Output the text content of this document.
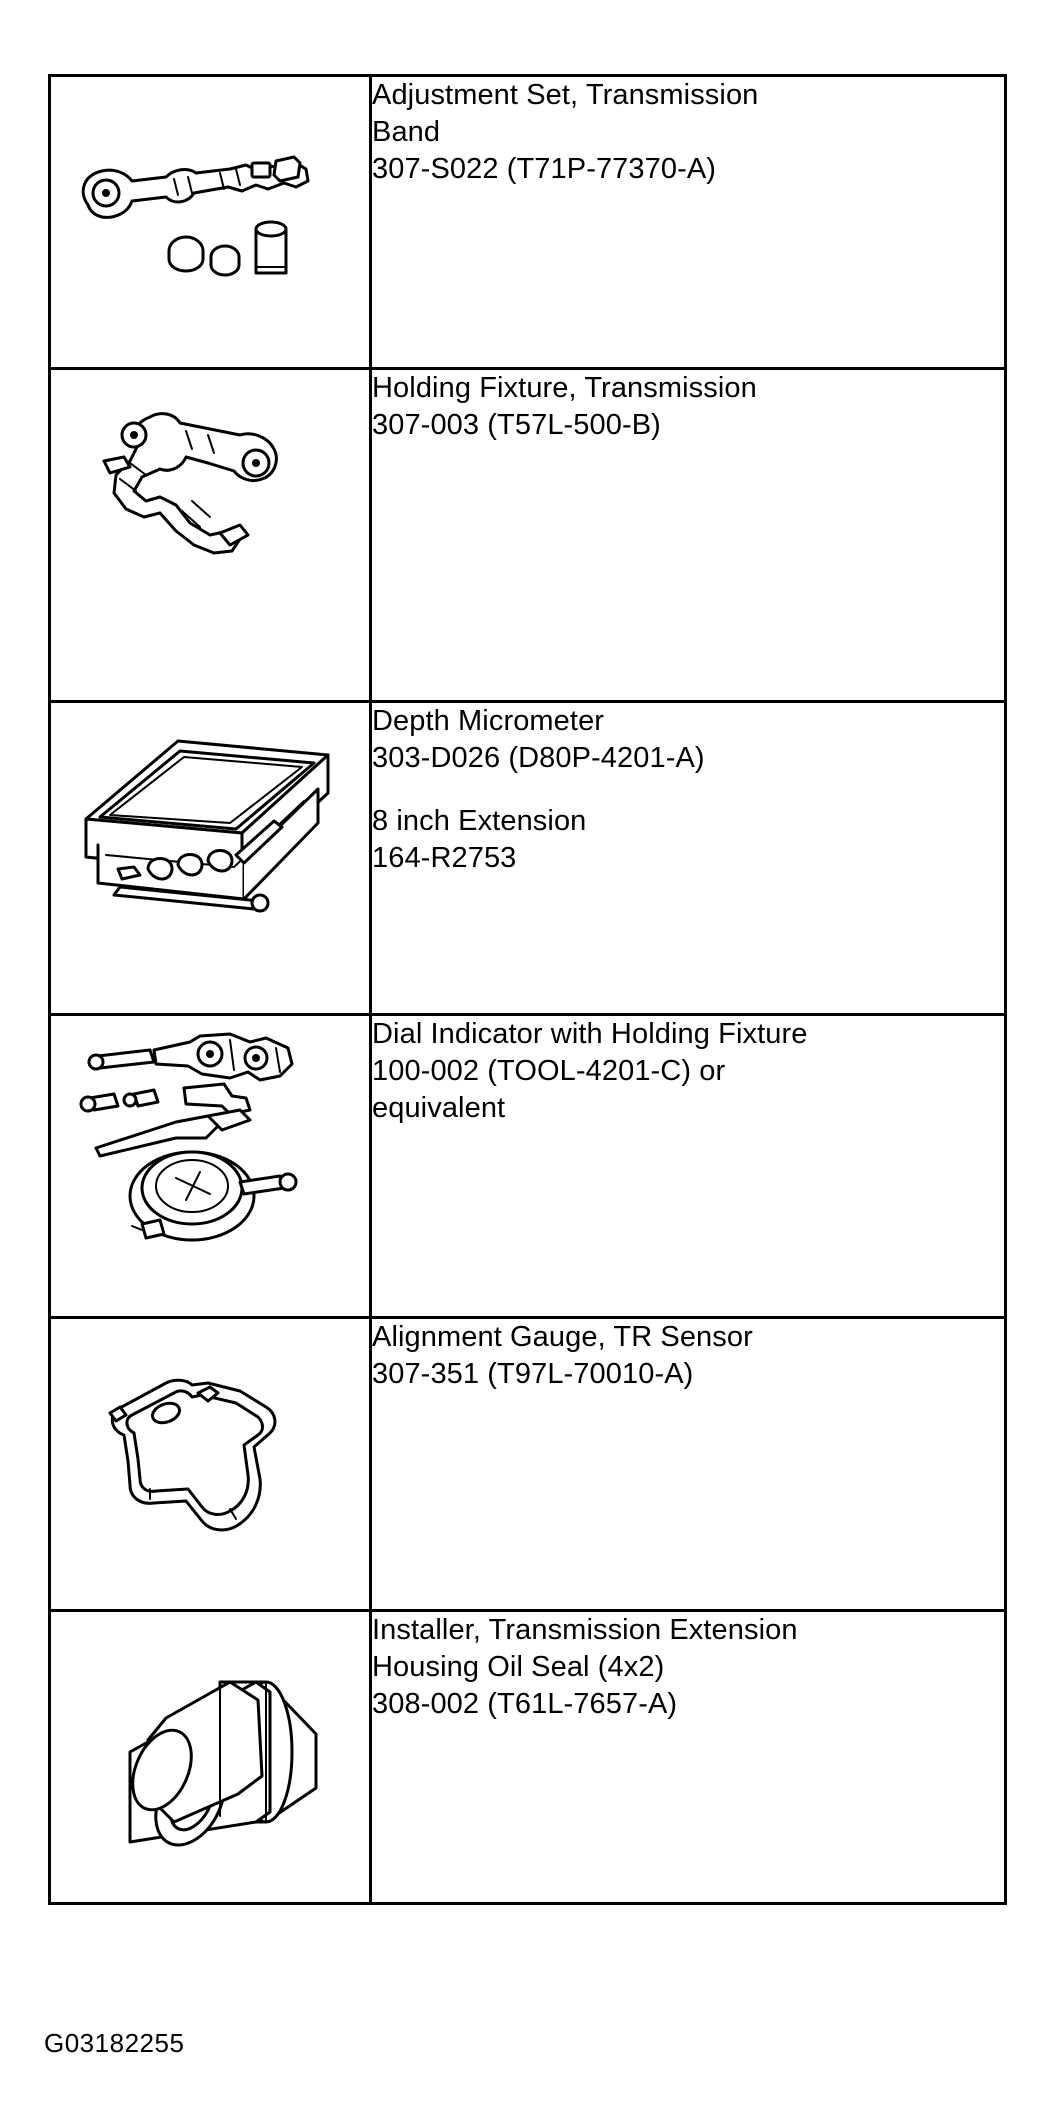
Adjustment Set, Transmission
Band
307-S022 (T71P-77370-A)

Holding Fixture, Transmission
307-003 (T57L-500-B)

Depth Micrometer
303-D026 (D80P-4201-A)
8 inch Extension
164-R2753

Dial Indicator with Holding Fixture
100-002 (TOOL-4201-C) or
equivalent

Alignment Gauge, TR Sensor
307-351 (T97L-70010-A)

Installer, Transmission Extension
Housing Oil Seal (4x2)
308-002 (T61L-7657-A)
G03182255
